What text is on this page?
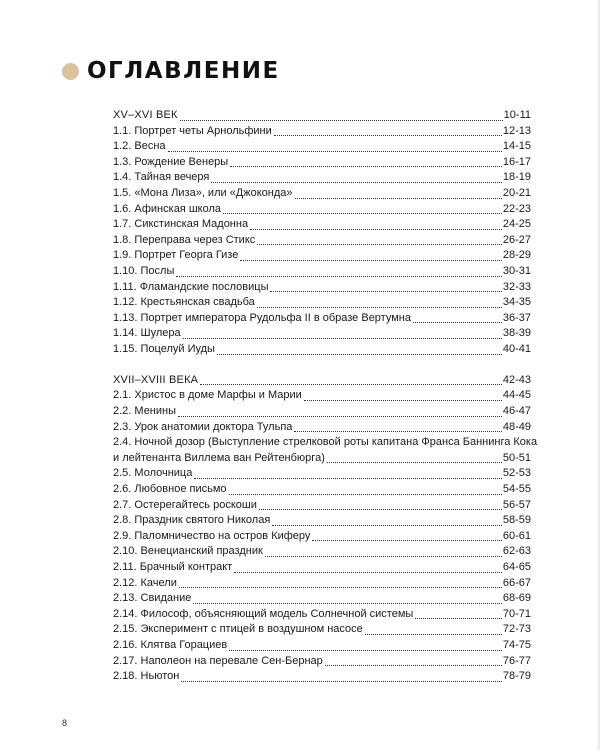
ОГЛАВЛЕНИЕ
XV–XVI ВЕК	10-11
1.1. Портрет четы Арнольфини	12-13
1.2. Весна	14-15
1.3. Рождение Венеры	16-17
1.4. Тайная вечеря	18-19
1.5. «Мона Лиза», или «Джоконда»	20-21
1.6. Афинская школа	22-23
1.7. Сикстинская Мадонна	24-25
1.8. Переправа через Стикс	26-27
1.9. Портрет Георга Гизе	28-29
1.10. Послы	30-31
1.11. Фламандские пословицы	32-33
1.12. Крестьянская свадьба	34-35
1.13. Портрет императора Рудольфа II в образе Вертумна	36-37
1.14. Шулера	38-39
1.15. Поцелуй Иуды	40-41
XVII–XVIII ВЕКА	42-43
2.1. Христос в доме Марфы и Марии	44-45
2.2. Менины	46-47
2.3. Урок анатомии доктора Тульпа	48-49
2.4. Ночной дозор (Выступление стрелковой роты капитана Франса Баннинга Кока
и лейтенанта Виллема ван Рейтенбюрга)	50-51
2.5. Молочница	52-53
2.6. Любовное письмо	54-55
2.7. Остерегайтесь роскоши	56-57
2.8. Праздник святого Николая	58-59
2.9. Паломничество на остров Киферу	60-61
2.10. Венецианский праздник	62-63
2.11. Брачный контракт	64-65
2.12. Качели	66-67
2.13. Свидание	68-69
2.14. Философ, объясняющий модель Солнечной системы	70-71
2.15. Эксперимент с птицей в воздушном насосе	72-73
2.16. Клятва Горациев	74-75
2.17. Наполеон на перевале Сен-Бернар	76-77
2.18. Ньютон	78-79
8
